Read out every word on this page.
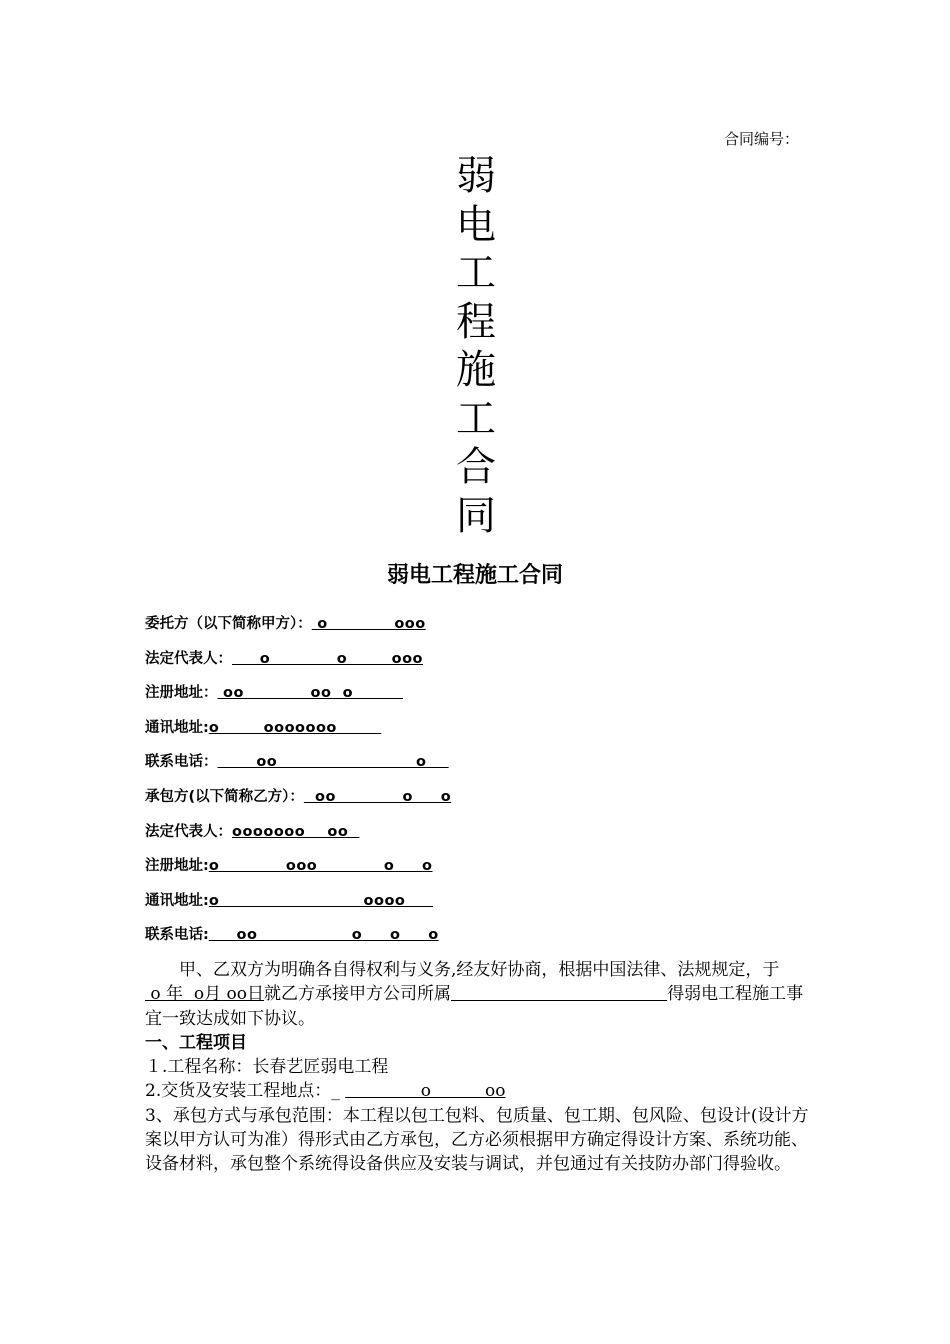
合同编号：
弱
电
工
程
施
工
合
同
弱电工程施工合同
委托方（以下简称甲方）： o            ooo
法定代表人：     o            o        ooo
注册地址： oo            oo  o
通讯地址:o        ooooooo
联系电话：       oo                         o
承包方(以下简称乙方）：  oo            o     o
法定代表人：ooooooo    oo
注册地址:o            ooo            o     o
通讯地址:o                          oooo
联系电话:     oo                 o     o     o

甲、乙双方为明确各自得权利与义务,经友好协商，根据中国法律、法规规定，于 o 年  o月 oo日就乙方承接甲方公司所属	得弱电工程施工事宜一致达成如下协议。

一、工程项目

１.工程名称：长春艺匠弱电工程

2.交货及安装工程地点：_               o          oo

3、承包方式与承包范围：本工程以包工包料、包质量、包工期、包风险、包设计(设计方案以甲方认可为准）得形式由乙方承包，乙方必须根据甲方确定得设计方案、系统功能、设备材料，承包整个系统得设备供应及安装与调试，并包通过有关技防办部门得验收。
